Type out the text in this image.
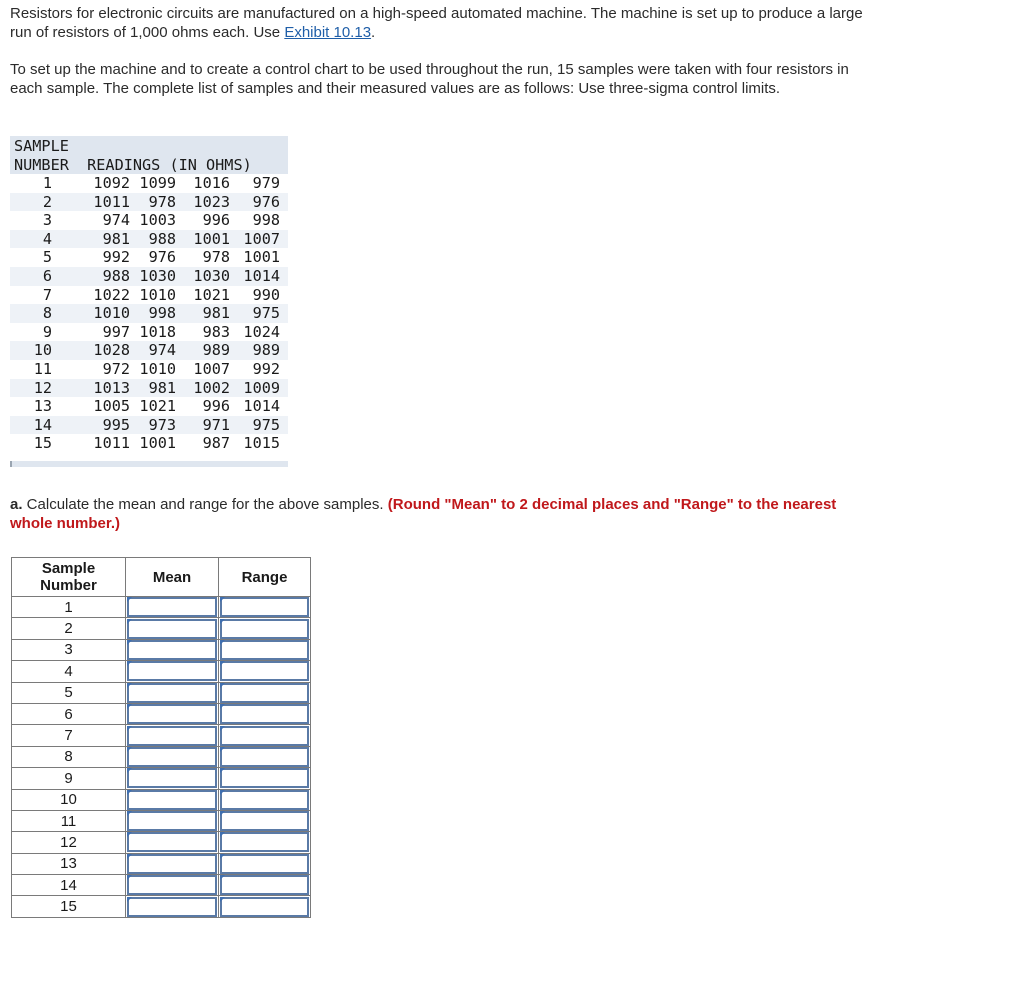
Resistors for electronic circuits are manufactured on a high-speed automated machine. The machine is set up to produce a large run of resistors of 1,000 ohms each. Use Exhibit 10.13.

To set up the machine and to create a control chart to be used throughout the run, 15 samples were taken with four resistors in each sample. The complete list of samples and their measured values are as follows: Use three-sigma control limits.

SAMPLE
NUMBER  READINGS (IN OHMS)
1	1092 1099	1016	979
2	1011	978	1023	976
3	974 1003	996	998
4	981	988	1001 1007
5	992	976	978 1001
6	988 1030	1030 1014
7	1022 1010	1021	990
8	1010	998	981	975
9	997 1018	983 1024
10	1028	974	989	989
11	972 1010	1007	992
12	1013	981	1002 1009
13	1005 1021	996 1014
14	995	973	971	975
15	1011 1001	987 1015

a. Calculate the mean and range for the above samples. (Round "Mean" to 2 decimal places and "Range" to the nearest whole number.)

Sample
Number	Mean	Range
1	

2	

3	

4	

5	

6	

7	

8	

9	

10	

11	

12	

13	

14	

15	
